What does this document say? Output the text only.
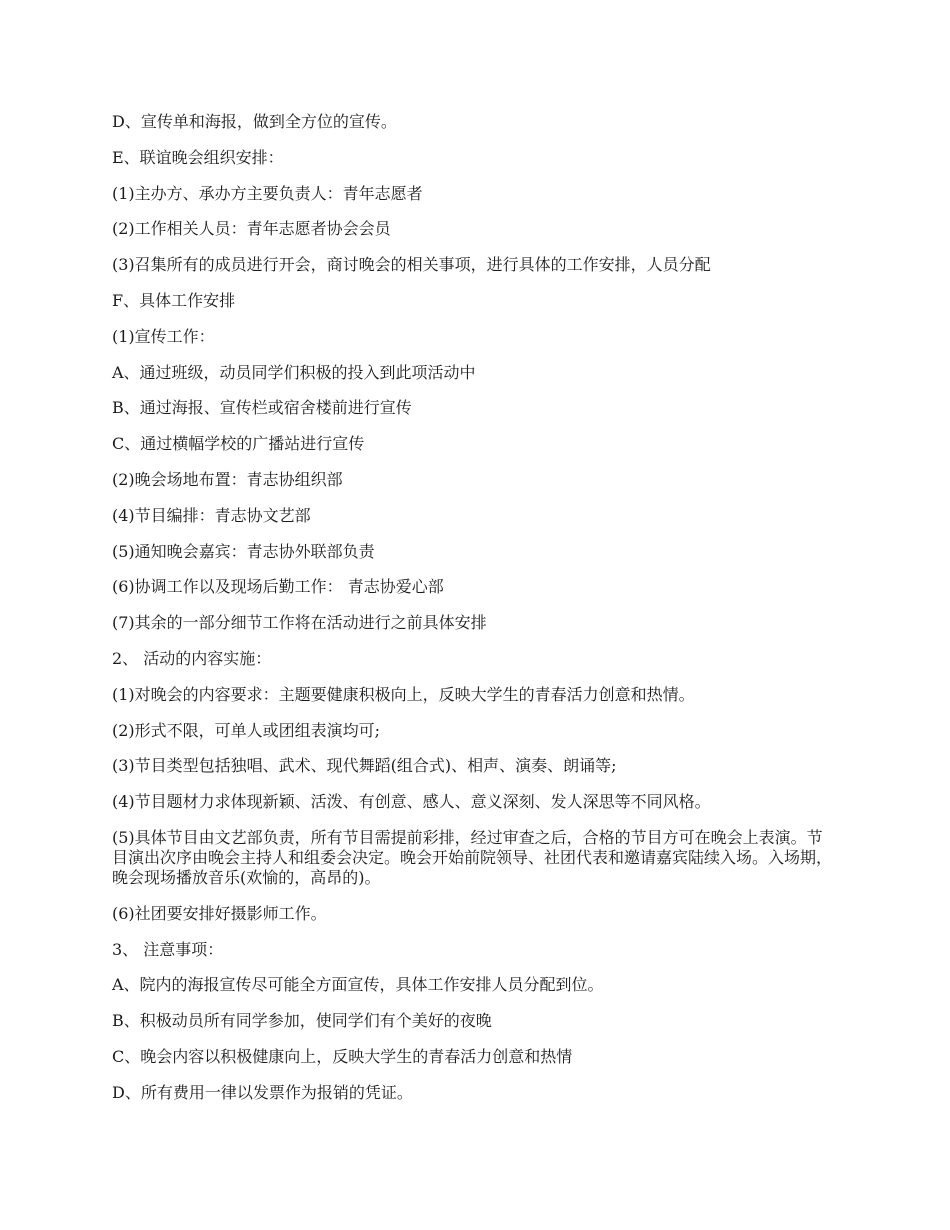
D、宣传单和海报，做到全方位的宣传。
E、联谊晚会组织安排：
(1)主办方、承办方主要负责人：青年志愿者
(2)工作相关人员：青年志愿者协会会员
(3)召集所有的成员进行开会，商讨晚会的相关事项，进行具体的工作安排，人员分配
F、具体工作安排
(1)宣传工作：
A、通过班级，动员同学们积极的投入到此项活动中
B、通过海报、宣传栏或宿舍楼前进行宣传
C、通过横幅学校的广播站进行宣传
(2)晚会场地布置：青志协组织部
(4)节目编排：青志协文艺部
(5)通知晚会嘉宾：青志协外联部负责
(6)协调工作以及现场后勤工作： 青志协爱心部
(7)其余的一部分细节工作将在活动进行之前具体安排
2、 活动的内容实施：
(1)对晚会的内容要求：主题要健康积极向上，反映大学生的青春活力创意和热情。
(2)形式不限，可单人或团组表演均可;
(3)节目类型包括独唱、武术、现代舞蹈(组合式)、相声、演奏、朗诵等;
(4)节目题材力求体现新颖、活泼、有创意、感人、意义深刻、发人深思等不同风格。
(5)具体节目由文艺部负责，所有节目需提前彩排，经过审查之后，合格的节目方可在晚会上表演。节目演出次序由晚会主持人和组委会决定。晚会开始前院领导、社团代表和邀请嘉宾陆续入场。入场期，晚会现场播放音乐(欢愉的，高昂的)。
(6)社团要安排好摄影师工作。
3、 注意事项：
A、院内的海报宣传尽可能全方面宣传，具体工作安排人员分配到位。
B、积极动员所有同学参加，使同学们有个美好的夜晚
C、晚会内容以积极健康向上，反映大学生的青春活力创意和热情
D、所有费用一律以发票作为报销的凭证。
